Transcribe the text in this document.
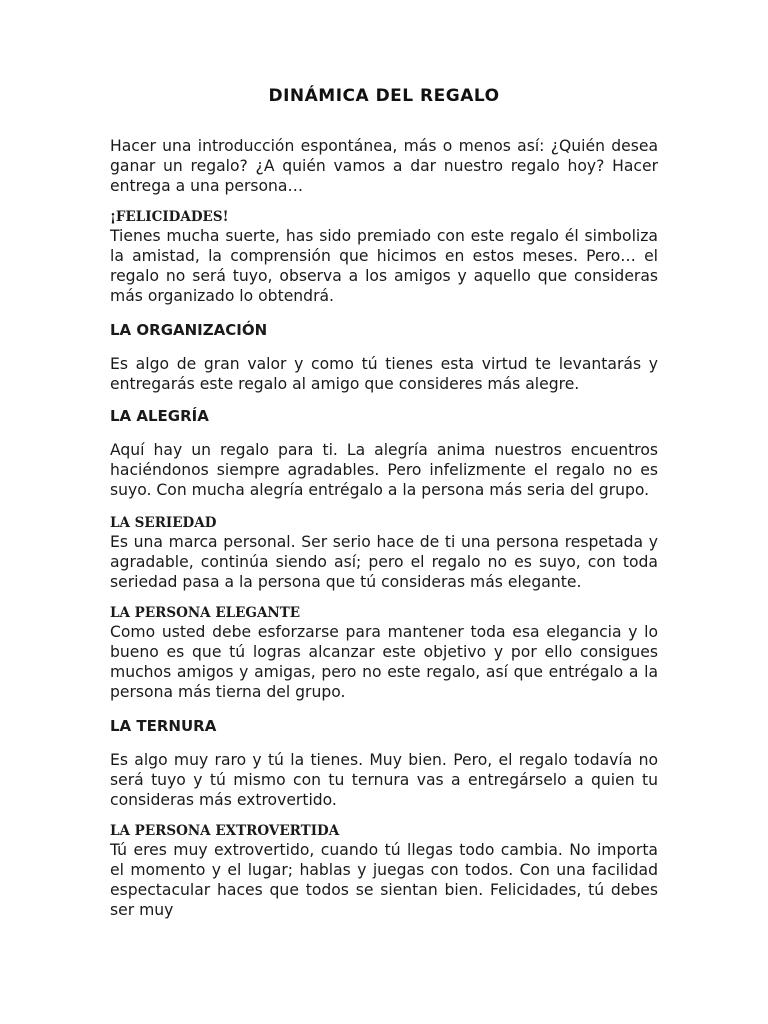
DINÁMICA DEL REGALO

Hacer una introducción espontánea, más o menos así: ¿Quién desea ganar un regalo? ¿A quién vamos a dar nuestro regalo hoy? Hacer entrega a una persona…

¡FELICIDADES!

Tienes mucha suerte, has sido premiado con este regalo él simboliza la amistad, la comprensión que hicimos en estos meses. Pero… el regalo no será tuyo, observa a los amigos y aquello que consideras más organizado lo obtendrá.

LA ORGANIZACIÓN

Es algo de gran valor y como tú tienes esta virtud te levantarás y entregarás este regalo al amigo que consideres más alegre.

LA ALEGRÍA

Aquí hay un regalo para ti. La alegría anima nuestros encuentros haciéndonos siempre agradables. Pero infelizmente el regalo no es suyo. Con mucha alegría entrégalo a la persona más seria del grupo.

LA SERIEDAD

Es una marca personal. Ser serio hace de ti una persona respetada y agradable, continúa siendo así; pero el regalo no es suyo, con toda seriedad pasa a la persona que tú consideras más elegante.

LA PERSONA ELEGANTE

Como usted debe esforzarse para mantener toda esa elegancia y lo bueno es que tú logras alcanzar este objetivo y por ello consigues muchos amigos y amigas, pero no este regalo, así que entrégalo a la persona más tierna del grupo.

LA TERNURA

Es algo muy raro y tú la tienes. Muy bien. Pero, el regalo todavía no será tuyo y tú mismo con tu ternura vas a entregárselo a quien tu consideras más extrovertido.

LA PERSONA EXTROVERTIDA

Tú eres muy extrovertido, cuando tú llegas todo cambia. No importa el momento y el lugar; hablas y juegas con todos. Con una facilidad espectacular haces que todos se sientan bien. Felicidades, tú debes ser muy
